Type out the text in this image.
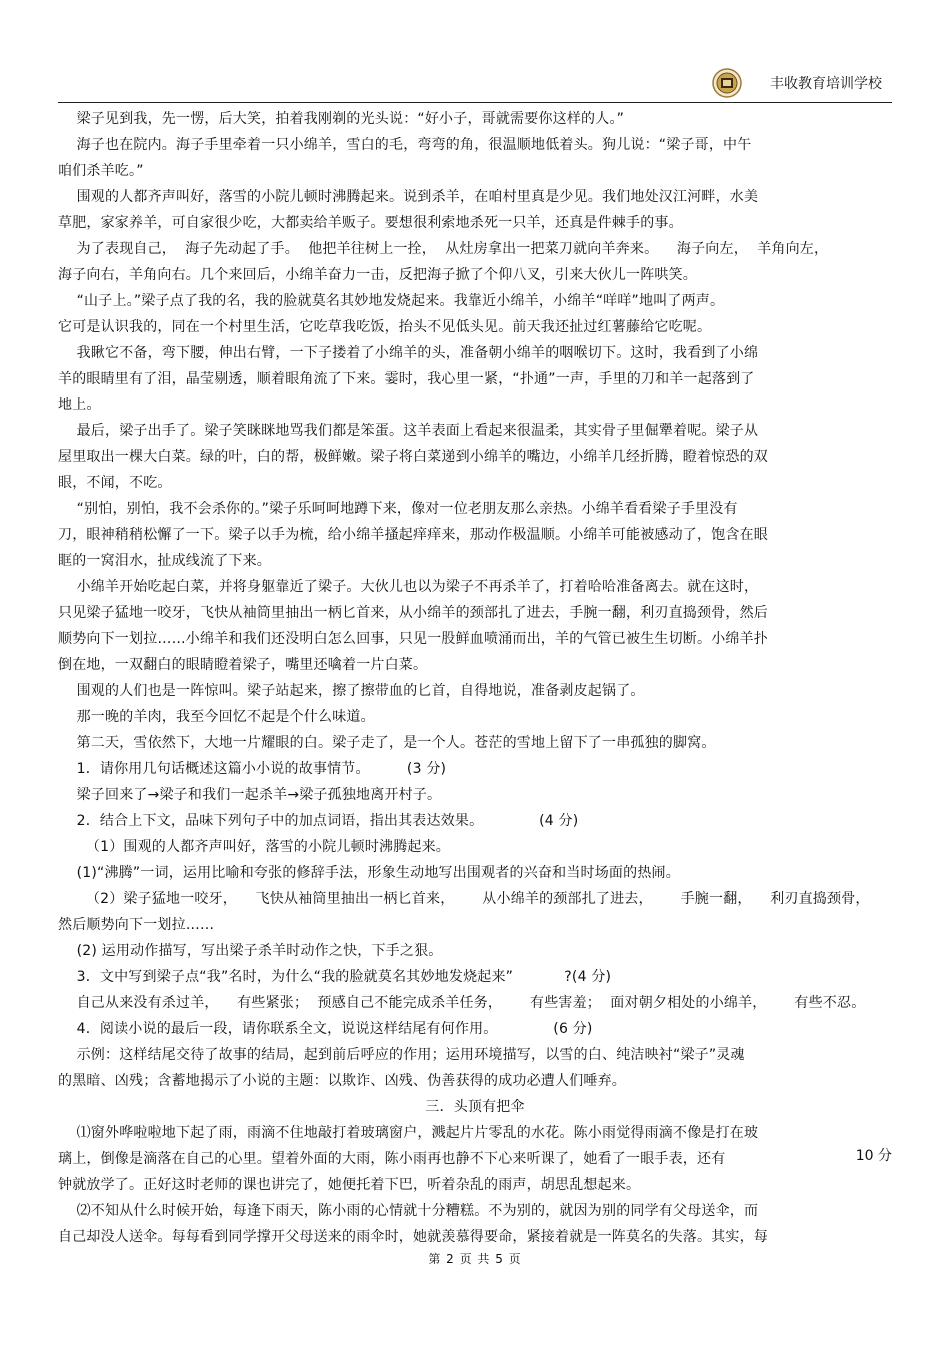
丰收教育培训学校
梁子见到我，先一愣，后大笑，拍着我刚剃的光头说：“好小子，哥就需要你这样的人。”
海子也在院内。海子手里牵着一只小绵羊，雪白的毛，弯弯的角，很温顺地低着头。狗儿说：“梁子哥，中午
咱们杀羊吃。”
围观的人都齐声叫好，落雪的小院儿顿时沸腾起来。说到杀羊，在咱村里真是少见。我们地处汉江河畔，水美
草肥，家家养羊，可自家很少吃，大都卖给羊贩子。要想很利索地杀死一只羊，还真是件棘手的事。
为了表现自己，  海子先动起了手。  他把羊往树上一拴，  从灶房拿出一把菜刀就向羊奔来。    海子向左，  羊角向左，
海子向右，羊角向右。几个来回后，小绵羊奋力一击，反把海子掀了个仰八叉，引来大伙儿一阵哄笑。
“山子上。”梁子点了我的名，我的脸就莫名其妙地发烧起来。我靠近小绵羊，小绵羊“咩咩”地叫了两声。
它可是认识我的，同在一个村里生活，它吃草我吃饭，抬头不见低头见。前天我还扯过红薯藤给它吃呢。
我瞅它不备，弯下腰，伸出右臂，一下子搂着了小绵羊的头，准备朝小绵羊的咽喉切下。这时，我看到了小绵
羊的眼睛里有了泪，晶莹剔透，顺着眼角流了下来。霎时，我心里一紧，“扑通”一声，手里的刀和羊一起落到了
地上。
最后，梁子出手了。梁子笑眯眯地骂我们都是笨蛋。这羊表面上看起来很温柔，其实骨子里倔犟着呢。梁子从
屋里取出一棵大白菜。绿的叶，白的帮，极鲜嫩。梁子将白菜递到小绵羊的嘴边，小绵羊几经折腾，瞪着惊恐的双
眼，不闻，不吃。
“别怕，别怕，我不会杀你的。”梁子乐呵呵地蹲下来，像对一位老朋友那么亲热。小绵羊看看梁子手里没有
刀，眼神稍稍松懈了一下。梁子以手为梳，给小绵羊搔起痒痒来，那动作极温顺。小绵羊可能被感动了，饱含在眼
眶的一窝泪水，扯成线流了下来。
小绵羊开始吃起白菜，并将身躯靠近了梁子。大伙儿也以为梁子不再杀羊了，打着哈哈准备离去。就在这时，
只见梁子猛地一咬牙，飞快从袖筒里抽出一柄匕首来，从小绵羊的颈部扎了进去，手腕一翻，利刃直捣颈骨，然后
顺势向下一划拉……小绵羊和我们还没明白怎么回事，只见一股鲜血喷涌而出，羊的气管已被生生切断。小绵羊扑
倒在地，一双翻白的眼睛瞪着梁子，嘴里还噙着一片白菜。
围观的人们也是一阵惊叫。梁子站起来，擦了擦带血的匕首，自得地说，准备剥皮起锅了。
那一晚的羊肉，我至今回忆不起是个什么味道。
第二天，雪依然下，大地一片耀眼的白。梁子走了，是一个人。苍茫的雪地上留下了一串孤独的脚窝。
1．请你用几句话概述这篇小小说的故事情节。        (3 分)
梁子回来了→梁子和我们一起杀羊→梁子孤独地离开村子。
2．结合上下文，品味下列句子中的加点词语，指出其表达效果。            (4 分)
（1）围观的人都齐声叫好，落雪的小院儿顿时沸腾起来。
(1)“沸腾”一词，运用比喻和夸张的修辞手法，形象生动地写出围观者的兴奋和当时场面的热闹。
（2）梁子猛地一咬牙，    飞快从袖筒里抽出一柄匕首来，      从小绵羊的颈部扎了进去，      手腕一翻，    利刃直捣颈骨，
然后顺势向下一划拉……
(2) 运用动作描写，写出梁子杀羊时动作之快，下手之狠。
3．文中写到梁子点“我”名时，为什么“我的脸就莫名其妙地发烧起来”           ?(4 分)
自己从来没有杀过羊，    有些紧张；  预感自己不能完成杀羊任务，      有些害羞；  面对朝夕相处的小绵羊，      有些不忍。
4．阅读小说的最后一段，请你联系全文，说说这样结尾有何作用。            (6 分)
示例：这样结尾交待了故事的结局，起到前后呼应的作用；运用环境描写，以雪的白、纯洁映衬“梁子”灵魂
的黑暗、凶残；含蓄地揭示了小说的主题：以欺诈、凶残、伪善获得的成功必遭人们唾弃。
三．头顶有把伞
⑴窗外哗啦啦地下起了雨，雨滴不住地敲打着玻璃窗户，溅起片片零乱的水花。陈小雨觉得雨滴不像是打在玻
璃上，倒像是滴落在自己的心里。望着外面的大雨，陈小雨再也静不下心来听课了，她看了一眼手表，还有
钟就放学了。正好这时老师的课也讲完了，她便托着下巴，听着杂乱的雨声，胡思乱想起来。
⑵不知从什么时候开始，每逢下雨天，陈小雨的心情就十分糟糕。不为别的，就因为别的同学有父母送伞，而
自己却没人送伞。每每看到同学撑开父母送来的雨伞时，她就羡慕得要命，紧接着就是一阵莫名的失落。其实，每
10 分
第 2 页 共 5 页
